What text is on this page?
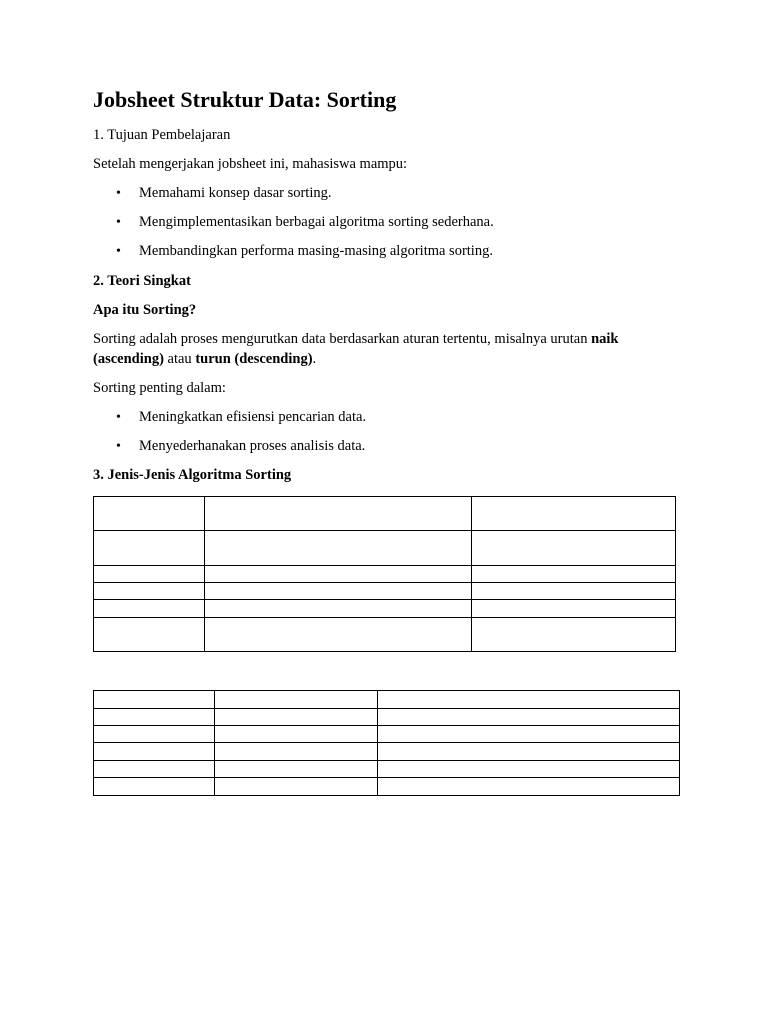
Jobsheet Struktur Data: Sorting

1. Tujuan Pembelajaran

Setelah mengerjakan jobsheet ini, mahasiswa mampu:

• Memahami konsep dasar sorting.

• Mengimplementasikan berbagai algoritma sorting sederhana.

• Membandingkan performa masing-masing algoritma sorting.

2. Teori Singkat

Apa itu Sorting?

Sorting adalah proses mengurutkan data berdasarkan aturan tertentu, misalnya urutan naik (ascending) atau turun (descending).

Sorting penting dalam:

• Meningkatkan efisiensi pencarian data.

• Menyederhanakan proses analisis data.

3. Jenis-Jenis Algoritma Sorting
